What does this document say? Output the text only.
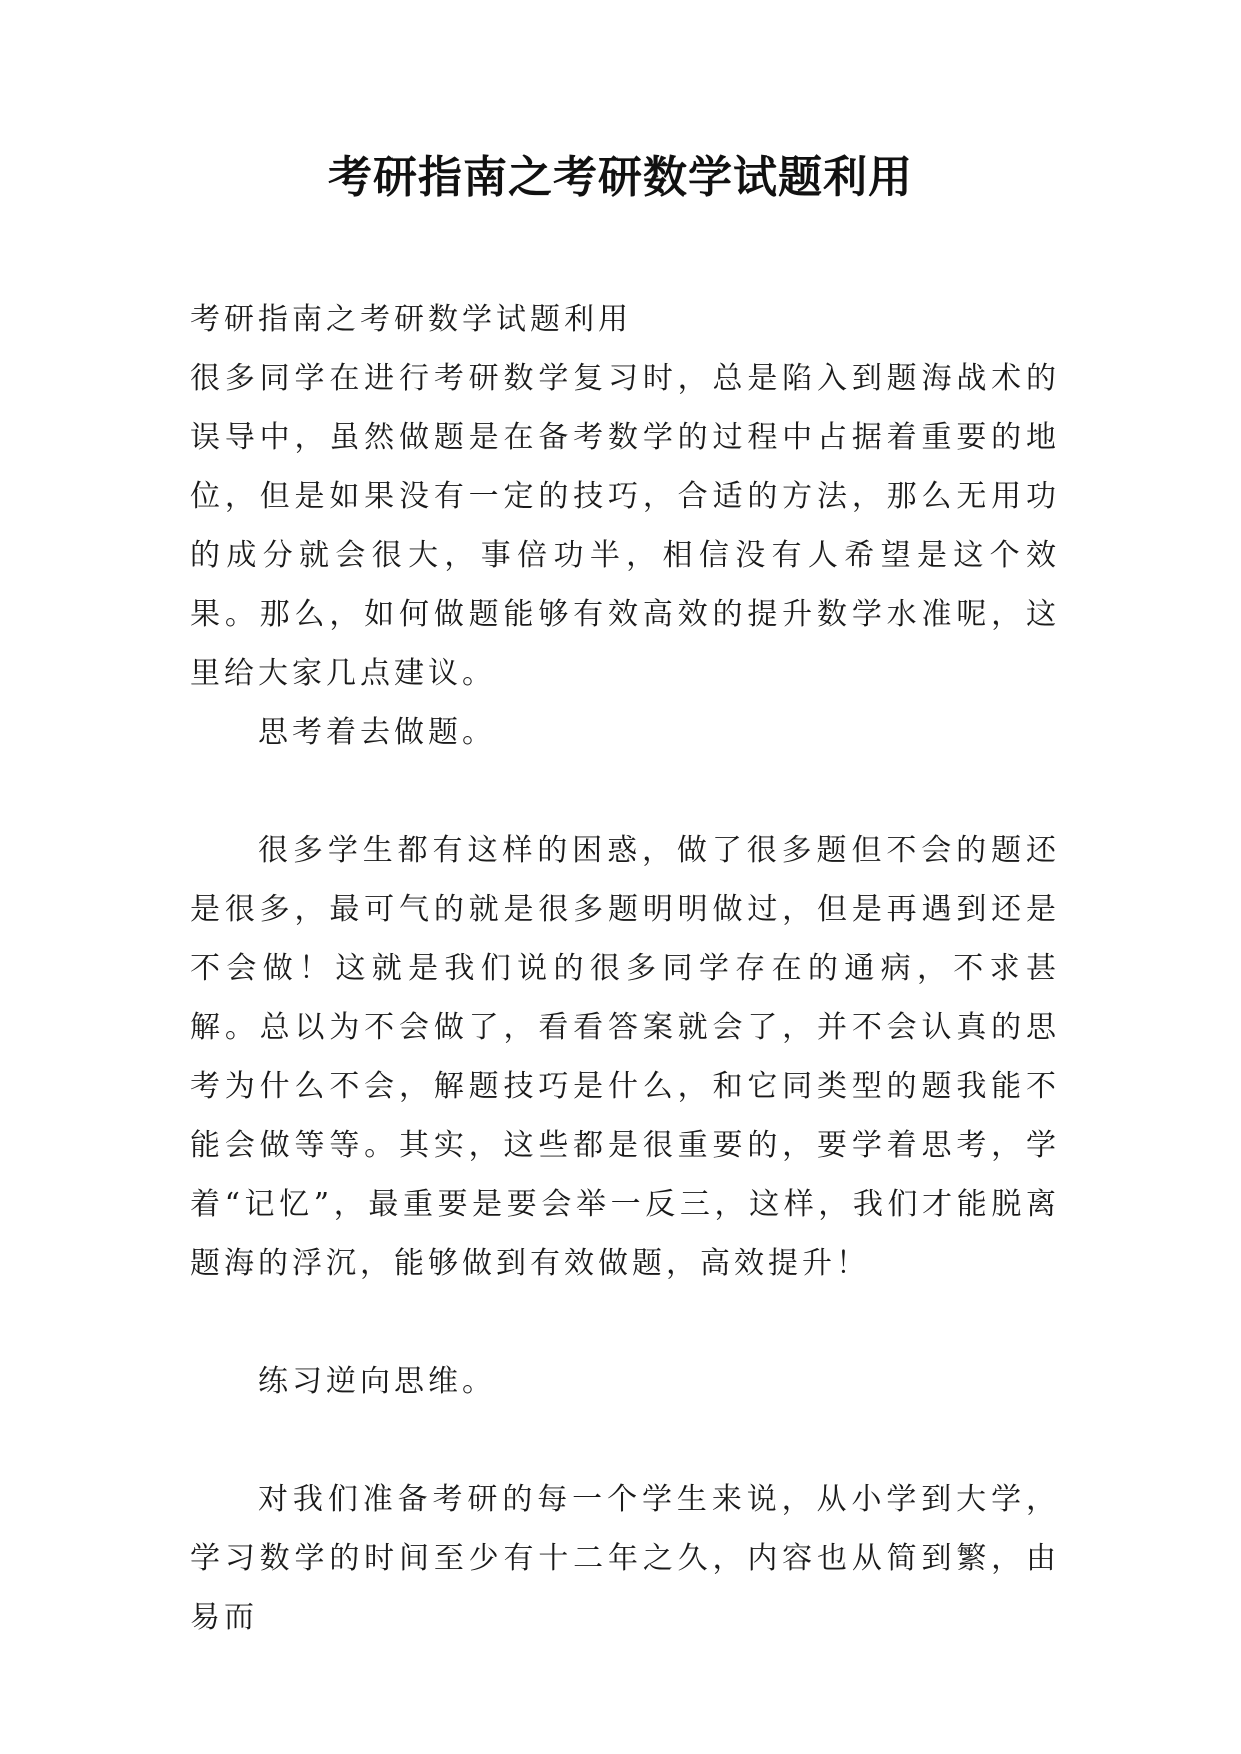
考研指南之考研数学试题利用

考研指南之考研数学试题利用

很多同学在进行考研数学复习时，总是陷入到题海战术的误导中，虽然做题是在备考数学的过程中占据着重要的地位，但是如果没有一定的技巧，合适的方法，那么无用功的成分就会很大，事倍功半，相信没有人希望是这个效果。那么，如何做题能够有效高效的提升数学水准呢，这里给大家几点建议。

思考着去做题。

很多学生都有这样的困惑，做了很多题但不会的题还是很多，最可气的就是很多题明明做过，但是再遇到还是不会做！这就是我们说的很多同学存在的通病，不求甚解。总以为不会做了，看看答案就会了，并不会认真的思考为什么不会，解题技巧是什么，和它同类型的题我能不能会做等等。其实，这些都是很重要的，要学着思考，学着“记忆”，最重要是要会举一反三，这样，我们才能脱离题海的浮沉，能够做到有效做题，高效提升！

练习逆向思维。

对我们准备考研的每一个学生来说，从小学到大学，学习数学的时间至少有十二年之久，内容也从简到繁，由易而
